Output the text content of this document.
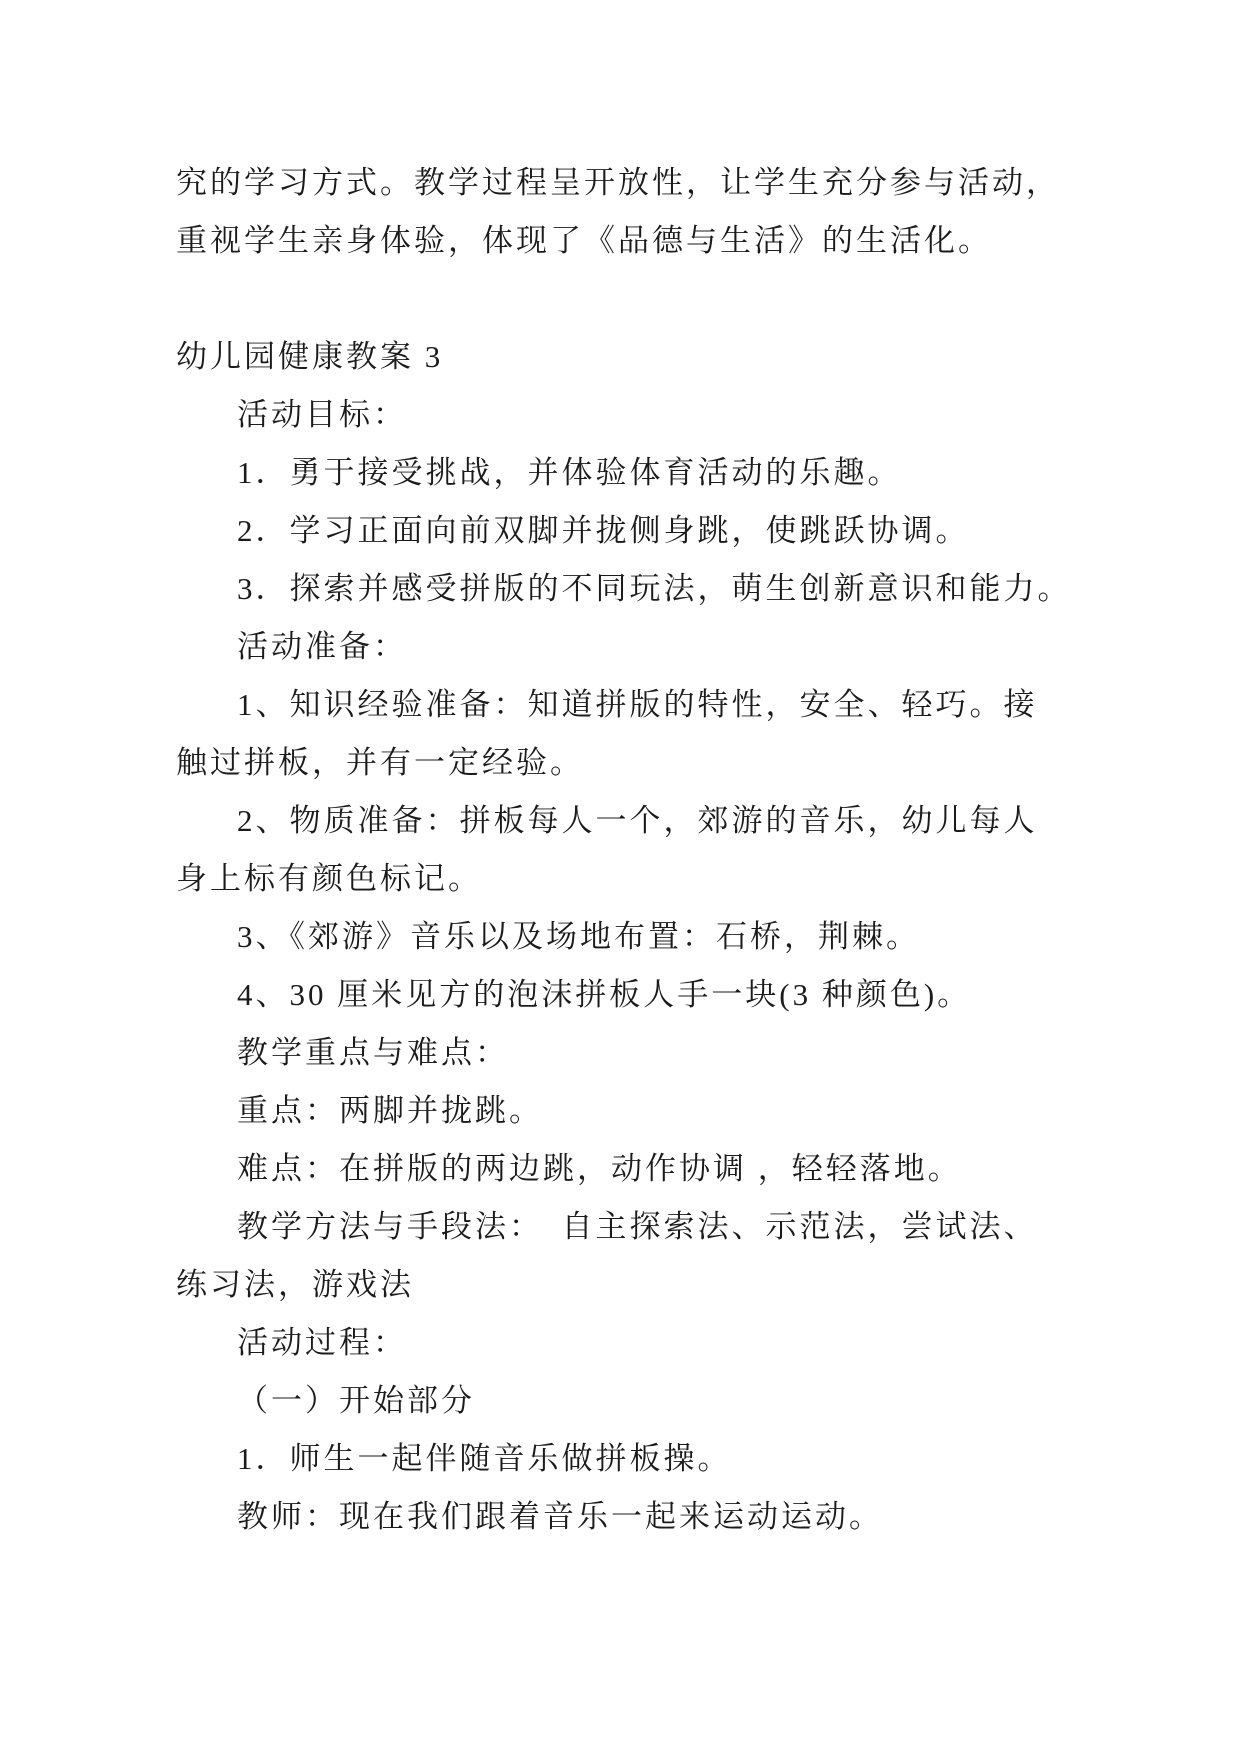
究的学习方式。教学过程呈开放性，让学生充分参与活动，
重视学生亲身体验，体现了《品德与生活》的生活化。
幼儿园健康教案 3
活动目标：
1．勇于接受挑战，并体验体育活动的乐趣。
2．学习正面向前双脚并拢侧身跳，使跳跃协调。
3．探索并感受拼版的不同玩法，萌生创新意识和能力。
活动准备：
1、知识经验准备：知道拼版的特性，安全、轻巧。接
触过拼板，并有一定经验。
2、物质准备：拼板每人一个，郊游的音乐，幼儿每人
身上标有颜色标记。
3、《郊游》音乐以及场地布置：石桥，荆棘。
4、30 厘米见方的泡沫拼板人手一块(3 种颜色)。
教学重点与难点：
重点：两脚并拢跳。
难点：在拼版的两边跳，动作协调 ，轻轻落地。
教学方法与手段法：　自主探索法、示范法，尝试法、
练习法，游戏法
活动过程：
（一）开始部分
1．师生一起伴随音乐做拼板操。
教师：现在我们跟着音乐一起来运动运动。
